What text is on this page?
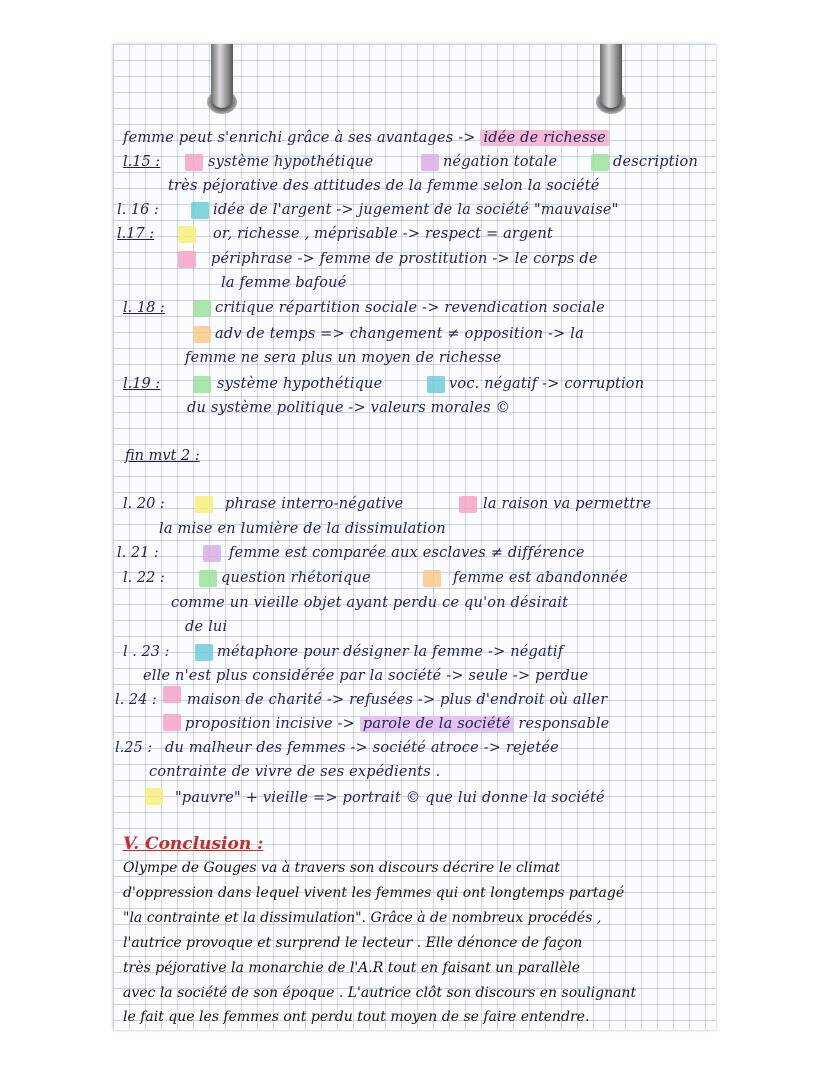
femme peut s'enrichi grâce à ses avantages -> idée de richesse
l.15 :	système hypothétique	négation totale	description
très péjorative des attitudes de la femme selon la société
l. 16 :	idée de l'argent -> jugement de la société "mauvaise"
l.17 :	or, richesse , méprisable -> respect = argent
périphrase -> femme de prostitution -> le corps de
la femme bafoué
l. 18 :	critique répartition sociale -> revendication sociale
adv de temps => changement ≠ opposition -> la
femme ne sera plus un moyen de richesse
l.19 :	système hypothétique	voc. négatif -> corruption
du système politique -> valeurs morales ©
fin mvt 2 :
l. 20 :	phrase interro-négative	la raison va permettre
la mise en lumière de la dissimulation
l. 21 :	femme est comparée aux esclaves ≠ différence
l. 22 :	question rhétorique	femme est abandonnée
comme un vieille objet ayant perdu ce qu'on désirait
de lui
l . 23 :	métaphore pour désigner la femme -> négatif
elle n'est plus considérée par la société -> seule -> perdue
l. 24 : maison de charité -> refusées -> plus d'endroit où aller
proposition incisive -> parole de la société responsable
l.25 : du malheur des femmes -> société atroce -> rejetée
contrainte de vivre de ses expédients .
"pauvre" + vieille => portrait © que lui donne la société
V. Conclusion :
Olympe de Gouges va à travers son discours décrire le climat
d'oppression dans lequel vivent les femmes qui ont longtemps partagé
"la contrainte et la dissimulation". Grâce à de nombreux procédés ,
l'autrice provoque et surprend le lecteur . Elle dénonce de façon
très péjorative la monarchie de l'A.R tout en faisant un parallèle
avec la société de son époque . L'autrice clôt son discours en soulignant
le fait que les femmes ont perdu tout moyen de se faire entendre.
